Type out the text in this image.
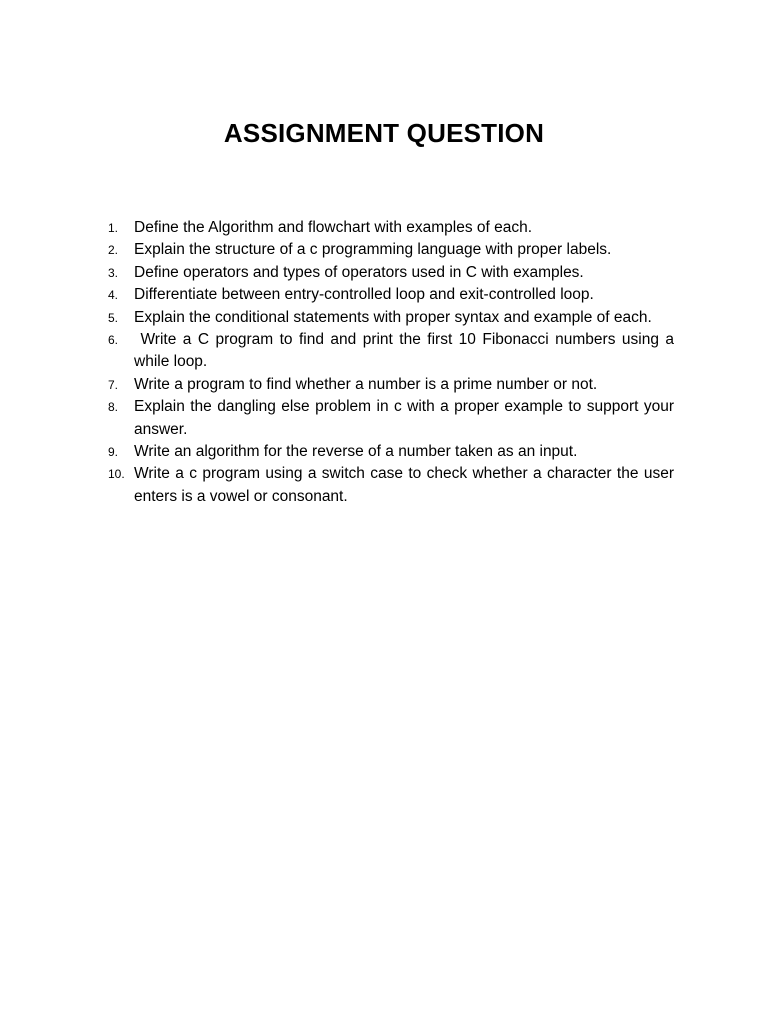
ASSIGNMENT QUESTION
1.	Define the Algorithm and flowchart with examples of each.
2.	Explain the structure of a c programming language with proper labels.
3.	Define operators and types of operators used in C with examples.
4.	Differentiate between entry-controlled loop and exit-controlled loop.
5.	Explain the conditional statements with proper syntax and example of each.
6.	Write a C program to find and print the first 10 Fibonacci numbers using a while loop.
7.	Write a program to find whether a number is a prime number or not.
8.	Explain the dangling else problem in c with a proper example to support your answer.
9.	Write an algorithm for the reverse of a number taken as an input.
10. Write a c program using a switch case to check whether a character the user enters is a vowel or consonant.
